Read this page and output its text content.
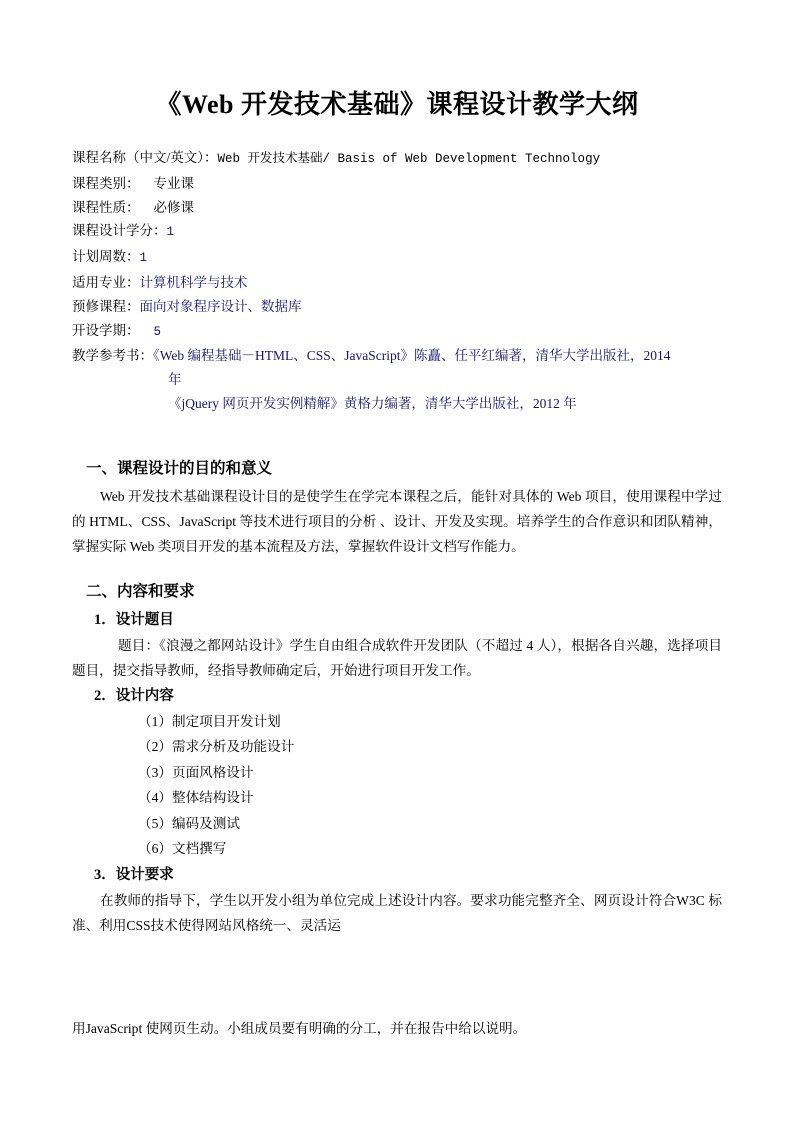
《Web 开发技术基础》课程设计教学大纲
课程名称（中文/英文）：Web 开发技术基础/ Basis of Web Development Technology
课程类别： 专业课
课程性质： 必修课
课程设计学分：1
计划周数：1
适用专业：计算机科学与技术
预修课程：面向对象程序设计、数据库
开设学期： 5
教学参考书：《Web 编程基础－HTML、CSS、JavaScript》陈矗、任平红编著，清华大学出版社，2014
年
《jQuery 网页开发实例精解》黄格力编著，清华大学出版社，2012 年
一、课程设计的目的和意义

Web 开发技术基础课程设计目的是使学生在学完本课程之后，能针对具体的 Web 项目，使用课程中学过的 HTML、CSS、JavaScript 等技术进行项目的分析 、设计、开发及实现。培养学生的合作意识和团队精神，掌握实际 Web 类项目开发的基本流程及方法，掌握软件设计文档写作能力。

二、内容和要求
1．设计题目

题目：《浪漫之都网站设计》学生自由组合成软件开发团队（不超过 4 人），根据各自兴趣，选择项目题目，提交指导教师，经指导教师确定后，开始进行项目开发工作。

2．设计内容
（1）制定项目开发计划
（2）需求分析及功能设计
（3）页面风格设计
（4）整体结构设计
（5）编码及测试
（6）文档撰写
3．设计要求

在教师的指导下，学生以开发小组为单位完成上述设计内容。要求功能完整齐全、网页设计符合W3C 标准、利用CSS技术使得网站风格统一、灵活运

用JavaScript 使网页生动。小组成员要有明确的分工，并在报告中给以说明。
